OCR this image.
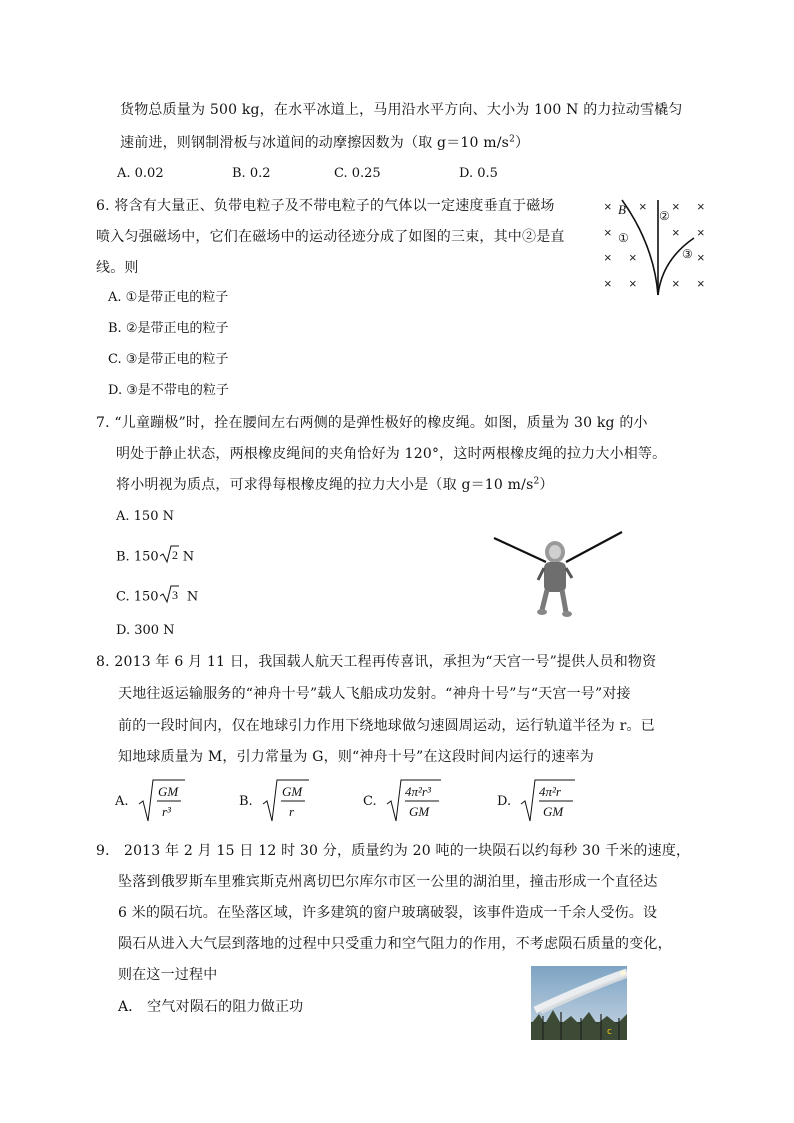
货物总质量为 500 kg，在水平冰道上，马用沿水平方向、大小为 100 N 的力拉动雪橇匀
速前进，则钢制滑板与冰道间的动摩擦因数为（取 g＝10 $m/s^2$）
A. 0.02	B. 0.2	C. 0.25	D. 0.5
6. 将含有大量正、负带电粒子及不带电粒子的气体以一定速度垂直于磁场
喷入匀强磁场中，它们在磁场中的运动径迹分成了如图的三束，其中②是直
线。则
A. ①是带正电的粒子
B. ②是带正电的粒子
C. ③是带正电的粒子
D. ③是不带电的粒子
× × × ×
×	× ×
× ×	×
× ×	× ×
B
①
②
③
7. “儿童蹦极”时，拴在腰间左右两侧的是弹性极好的橡皮绳。如图，质量为 30 kg 的小
明处于静止状态，两根橡皮绳间的夹角恰好为 120°，这时两根橡皮绳的拉力大小相等。
将小明视为质点，可求得每根橡皮绳的拉力大小是（取 g＝10 $m/s^2$）
A. 150 N
B. 150 2 N
C. 150 3 N
D. 300 N
8. 2013 年 6 月 11 日，我国载人航天工程再传喜讯，承担为“天宫一号”提供人员和物资
天地往返运输服务的“神舟十号”载人飞船成功发射。“神舟十号”与“天宫一号”对接
前的一段时间内，仅在地球引力作用下绕地球做匀速圆周运动，运行轨道半径为 r。已
知地球质量为 M，引力常量为 G，则“神舟十号”在这段时间内运行的速率为
A.
GM
r³
B.
GM
r
C.
4π²r³
GM
D.
4π²r
GM
9． 2013 年 2 月 15 日 12 时 30 分，质量约为 20 吨的一块陨石以约每秒 30 千米的速度，
坠落到俄罗斯车里雅宾斯克州离切巴尔库尔市区一公里的湖泊里，撞击形成一个直径达
6 米的陨石坑。在坠落区域，许多建筑的窗户玻璃破裂，该事件造成一千余人受伤。设
陨石从进入大气层到落地的过程中只受重力和空气阻力的作用，不考虑陨石质量的变化，
则在这一过程中
A． 空气对陨石的阻力做正功
c
